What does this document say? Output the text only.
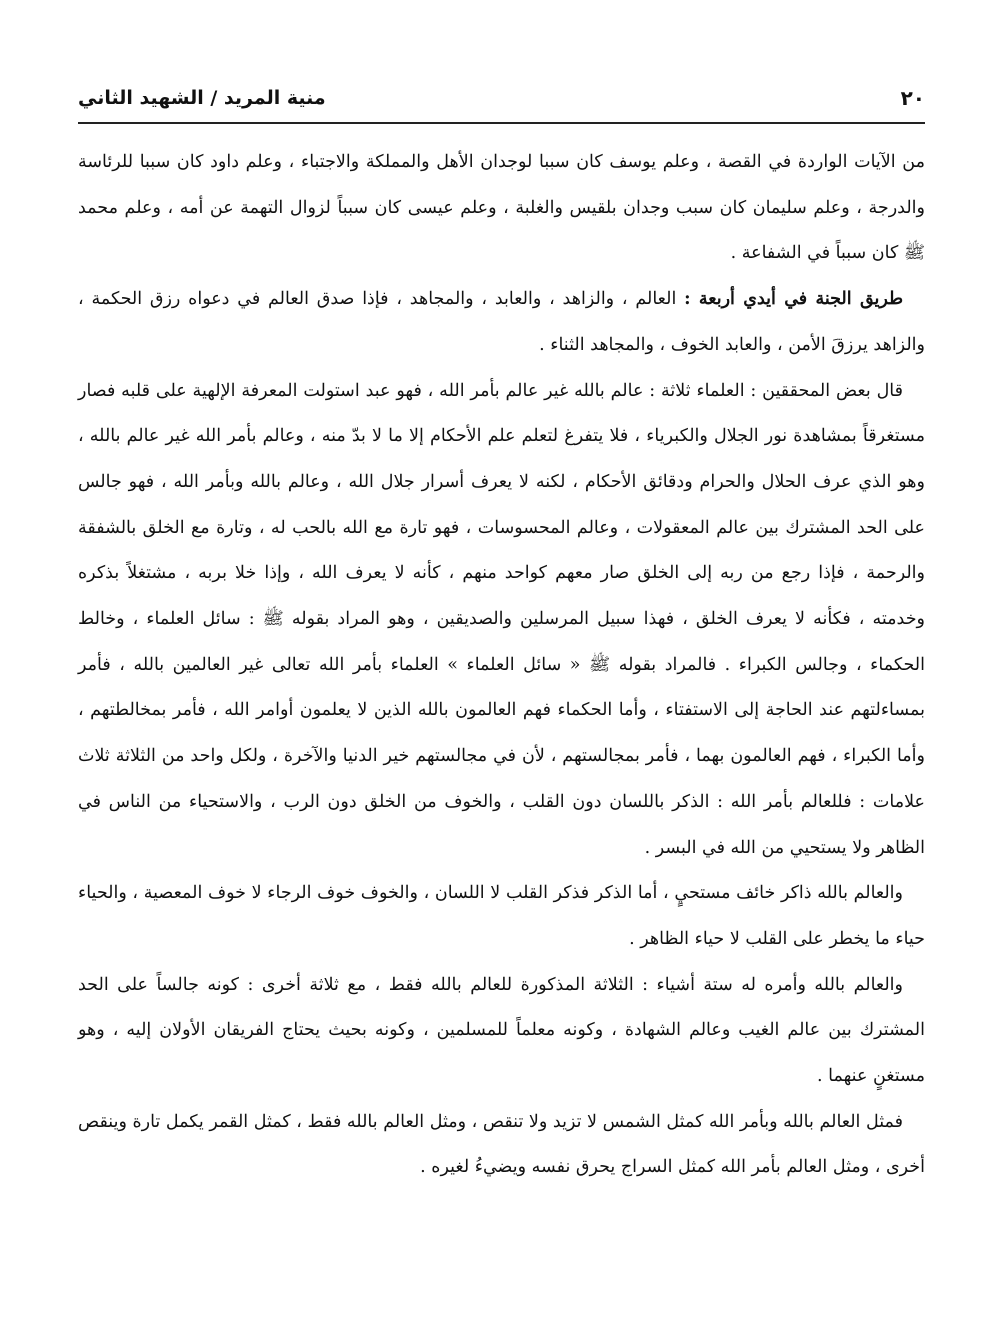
٢٠
منية المريد / الشهيد الثاني

من الآيات الواردة في القصة ، وعلم يوسف كان سببا لوجدان الأهل والمملكة والاجتباء ، وعلم داود كان سببا للرئاسة والدرجة ، وعلم سليمان كان سبب وجدان بلقيس والغلبة ، وعلم عيسى كان سبباً لزوال التهمة عن أمه ، وعلم محمد ﷺ كان سبباً في الشفاعة .

طريق الجنة في أيدي أربعة : العالم ، والزاهد ، والعابد ، والمجاهد ، فإذا صدق العالم في دعواه رزق الحكمة ، والزاهد يرزقَ الأمن ، والعابد الخوف ، والمجاهد الثناء .

قال بعض المحققين : العلماء ثلاثة : عالم بالله غير عالم بأمر الله ، فهو عبد استولت المعرفة الإلهية على قلبه فصار مستغرقاً بمشاهدة نور الجلال والكبرياء ، فلا يتفرغ لتعلم علم الأحكام إلا ما لا بدّ منه ، وعالم بأمر الله غير عالم بالله ، وهو الذي عرف الحلال والحرام ودقائق الأحكام ، لكنه لا يعرف أسرار جلال الله ، وعالم بالله وبأمر الله ، فهو جالس على الحد المشترك بين عالم المعقولات ، وعالم المحسوسات ، فهو تارة مع الله بالحب له ، وتارة مع الخلق بالشفقة والرحمة ، فإذا رجع من ربه إلى الخلق صار معهم كواحد منهم ، كأنه لا يعرف الله ، وإذا خلا بربه ، مشتغلاً بذكره وخدمته ، فكأنه لا يعرف الخلق ، فهذا سبيل المرسلين والصديقين ، وهو المراد بقوله ﷺ : سائل العلماء ، وخالط الحكماء ، وجالس الكبراء . فالمراد بقوله ﷺ « سائل العلماء » العلماء بأمر الله تعالى غير العالمين بالله ، فأمر بمساءلتهم عند الحاجة إلى الاستفتاء ، وأما الحكماء فهم العالمون بالله الذين لا يعلمون أوامر الله ، فأمر بمخالطتهم ، وأما الكبراء ، فهم العالمون بهما ، فأمر بمجالستهم ، لأن في مجالستهم خير الدنيا والآخرة ، ولكل واحد من الثلاثة ثلاث علامات : فللعالم بأمر الله : الذكر باللسان دون القلب ، والخوف من الخلق دون الرب ، والاستحياء من الناس في الظاهر ولا يستحيي من الله في البسر .

والعالم بالله ذاكر خائف مستحيٍ ، أما الذكر فذكر القلب لا اللسان ، والخوف خوف الرجاء لا خوف المعصية ، والحياء حياء ما يخطر على القلب لا حياء الظاهر .

والعالم بالله وأمره له ستة أشياء : الثلاثة المذكورة للعالم بالله فقط ، مع ثلاثة أخرى : كونه جالساً على الحد المشترك بين عالم الغيب وعالم الشهادة ، وكونه معلماً للمسلمين ، وكونه بحيث يحتاج الفريقان الأولان إليه ، وهو مستغنٍ عنهما .

فمثل العالم بالله وبأمر الله كمثل الشمس لا تزيد ولا تنقص ، ومثل العالم بالله فقط ، كمثل القمر يكمل تارة وينقص أخرى ، ومثل العالم بأمر الله كمثل السراج يحرق نفسه ويضيءُ لغيره .
